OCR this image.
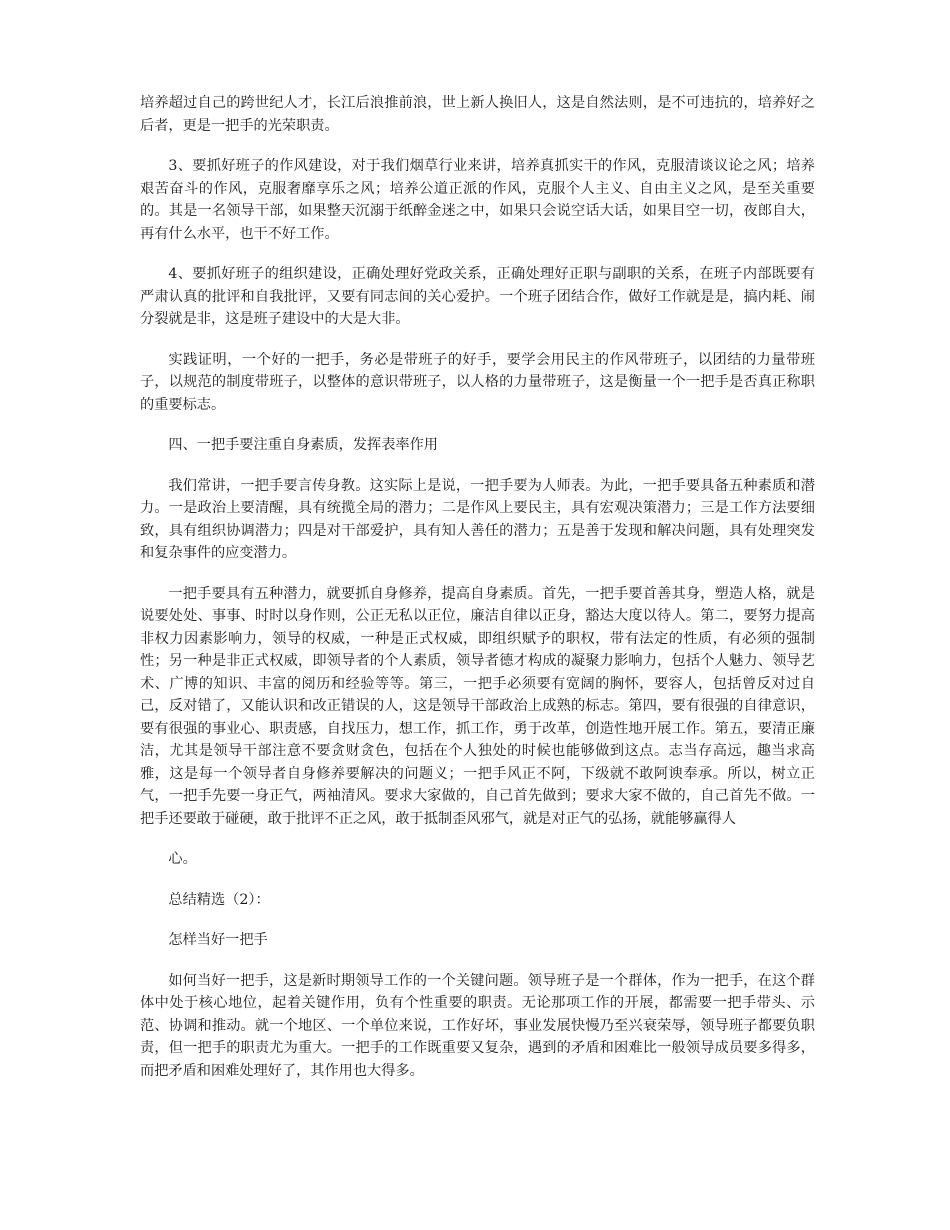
培养超过自己的跨世纪人才，长江后浪推前浪，世上新人换旧人，这是自然法则，是不可违抗的，培养好之后者，更是一把手的光荣职责。

3、要抓好班子的作风建设，对于我们烟草行业来讲，培养真抓实干的作风，克服清谈议论之风；培养艰苦奋斗的作风，克服奢靡享乐之风；培养公道正派的作风，克服个人主义、自由主义之风，是至关重要的。其是一名领导干部，如果整天沉溺于纸醉金迷之中，如果只会说空话大话，如果目空一切，夜郎自大，再有什么水平，也干不好工作。

4、要抓好班子的组织建设，正确处理好党政关系，正确处理好正职与副职的关系，在班子内部既要有严肃认真的批评和自我批评，又要有同志间的关心爱护。一个班子团结合作，做好工作就是是，搞内耗、闹分裂就是非，这是班子建设中的大是大非。

实践证明，一个好的一把手，务必是带班子的好手，要学会用民主的作风带班子，以团结的力量带班子，以规范的制度带班子，以整体的意识带班子，以人格的力量带班子，这是衡量一个一把手是否真正称职的重要标志。

四、一把手要注重自身素质，发挥表率作用

我们常讲，一把手要言传身教。这实际上是说，一把手要为人师表。为此，一把手要具备五种素质和潜力。一是政治上要清醒，具有统揽全局的潜力；二是作风上要民主，具有宏观决策潜力；三是工作方法要细致，具有组织协调潜力；四是对干部爱护，具有知人善任的潜力；五是善于发现和解决问题，具有处理突发和复杂事件的应变潜力。

一把手要具有五种潜力，就要抓自身修养，提高自身素质。首先，一把手要首善其身，塑造人格，就是说要处处、事事、时时以身作则，公正无私以正位，廉洁自律以正身，豁达大度以待人。第二，要努力提高非权力因素影响力，领导的权威，一种是正式权威，即组织赋予的职权，带有法定的性质，有必须的强制性；另一种是非正式权威，即领导者的个人素质，领导者德才构成的凝聚力影响力，包括个人魅力、领导艺术、广博的知识、丰富的阅历和经验等等。第三，一把手必须要有宽阔的胸怀，要容人，包括曾反对过自己，反对错了，又能认识和改正错误的人，这是领导干部政治上成熟的标志。第四，要有很强的自律意识，要有很强的事业心、职责感，自找压力，想工作，抓工作，勇于改革，创造性地开展工作。第五，要清正廉洁，尤其是领导干部注意不要贪财贪色，包括在个人独处的时候也能够做到这点。志当存高远，趣当求高雅，这是每一个领导者自身修养要解决的问题义；一把手风正不阿，下级就不敢阿谀奉承。所以，树立正气，一把手先要一身正气，两袖清风。要求大家做的，自己首先做到；要求大家不做的，自己首先不做。一把手还要敢于碰硬，敢于批评不正之风，敢于抵制歪风邪气，就是对正气的弘扬，就能够赢得人

心。

总结精选（2）：

怎样当好一把手

如何当好一把手，这是新时期领导工作的一个关键问题。领导班子是一个群体，作为一把手，在这个群体中处于核心地位，起着关键作用，负有个性重要的职责。无论那项工作的开展，都需要一把手带头、示范、协调和推动。就一个地区、一个单位来说，工作好坏，事业发展快慢乃至兴衰荣辱，领导班子都要负职责，但一把手的职责尤为重大。一把手的工作既重要又复杂，遇到的矛盾和困难比一般领导成员要多得多，而把矛盾和困难处理好了，其作用也大得多。
